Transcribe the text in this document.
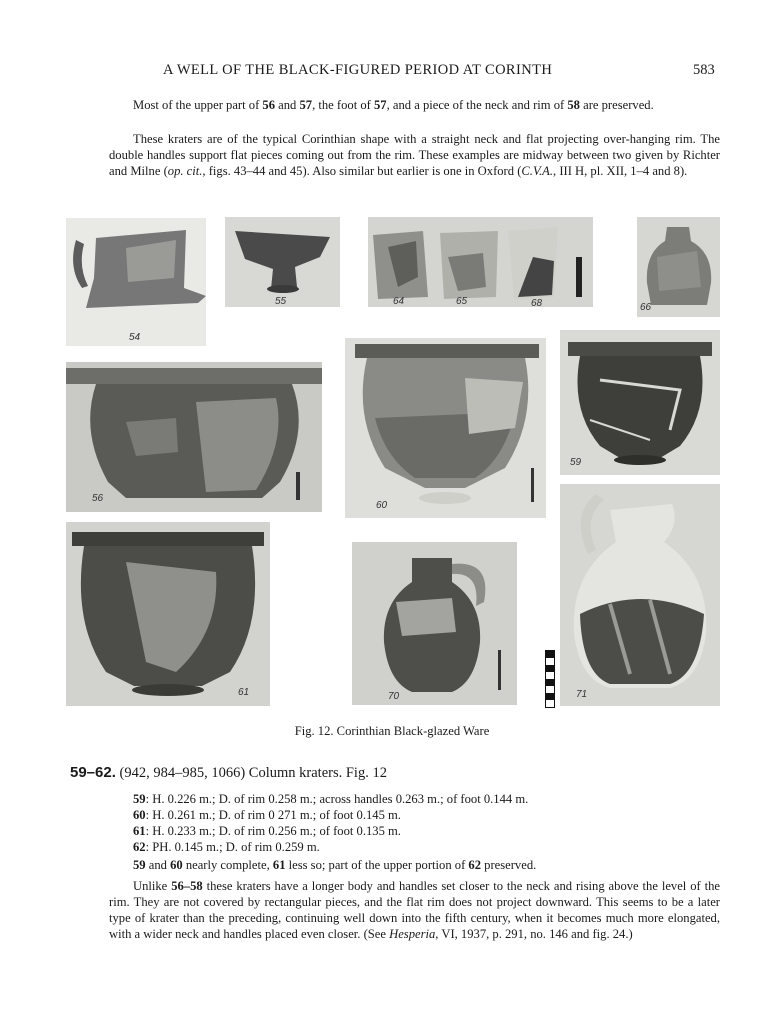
A WELL OF THE BLACK-FIGURED PERIOD AT CORINTH	583

Most of the upper part of 56 and 57, the foot of 57, and a piece of the neck and rim of 58 are preserved.

These kraters are of the typical Corinthian shape with a straight neck and flat projecting over-hanging rim. The double handles support flat pieces coming out from the rim. These examples are midway between two given by Richter and Milne (op. cit., figs. 43–44 and 45). Also similar but earlier is one in Oxford (C.V.A., III H, pl. XII, 1–4 and 8).

54
55	64	65	68	66
56
60
59
61	70	71
Fig. 12. Corinthian Black-glazed Ware
59–62. (942, 984–985, 1066) Column kraters. Fig. 12
59: H. 0.226 m.; D. of rim 0.258 m.; across handles 0.263 m.; of foot 0.144 m.
60: H. 0.261 m.; D. of rim 0 271 m.; of foot 0.145 m.
61: H. 0.233 m.; D. of rim 0.256 m.; of foot 0.135 m.
62: PH. 0.145 m.; D. of rim 0.259 m.

59 and 60 nearly complete, 61 less so; part of the upper portion of 62 preserved.

Unlike 56–58 these kraters have a longer body and handles set closer to the neck and rising above the level of the rim. They are not covered by rectangular pieces, and the flat rim does not project downward. This seems to be a later type of krater than the preceding, continuing well down into the fifth century, when it becomes much more elongated, with a wider neck and handles placed even closer. (See Hesperia, VI, 1937, p. 291, no. 146 and fig. 24.)
